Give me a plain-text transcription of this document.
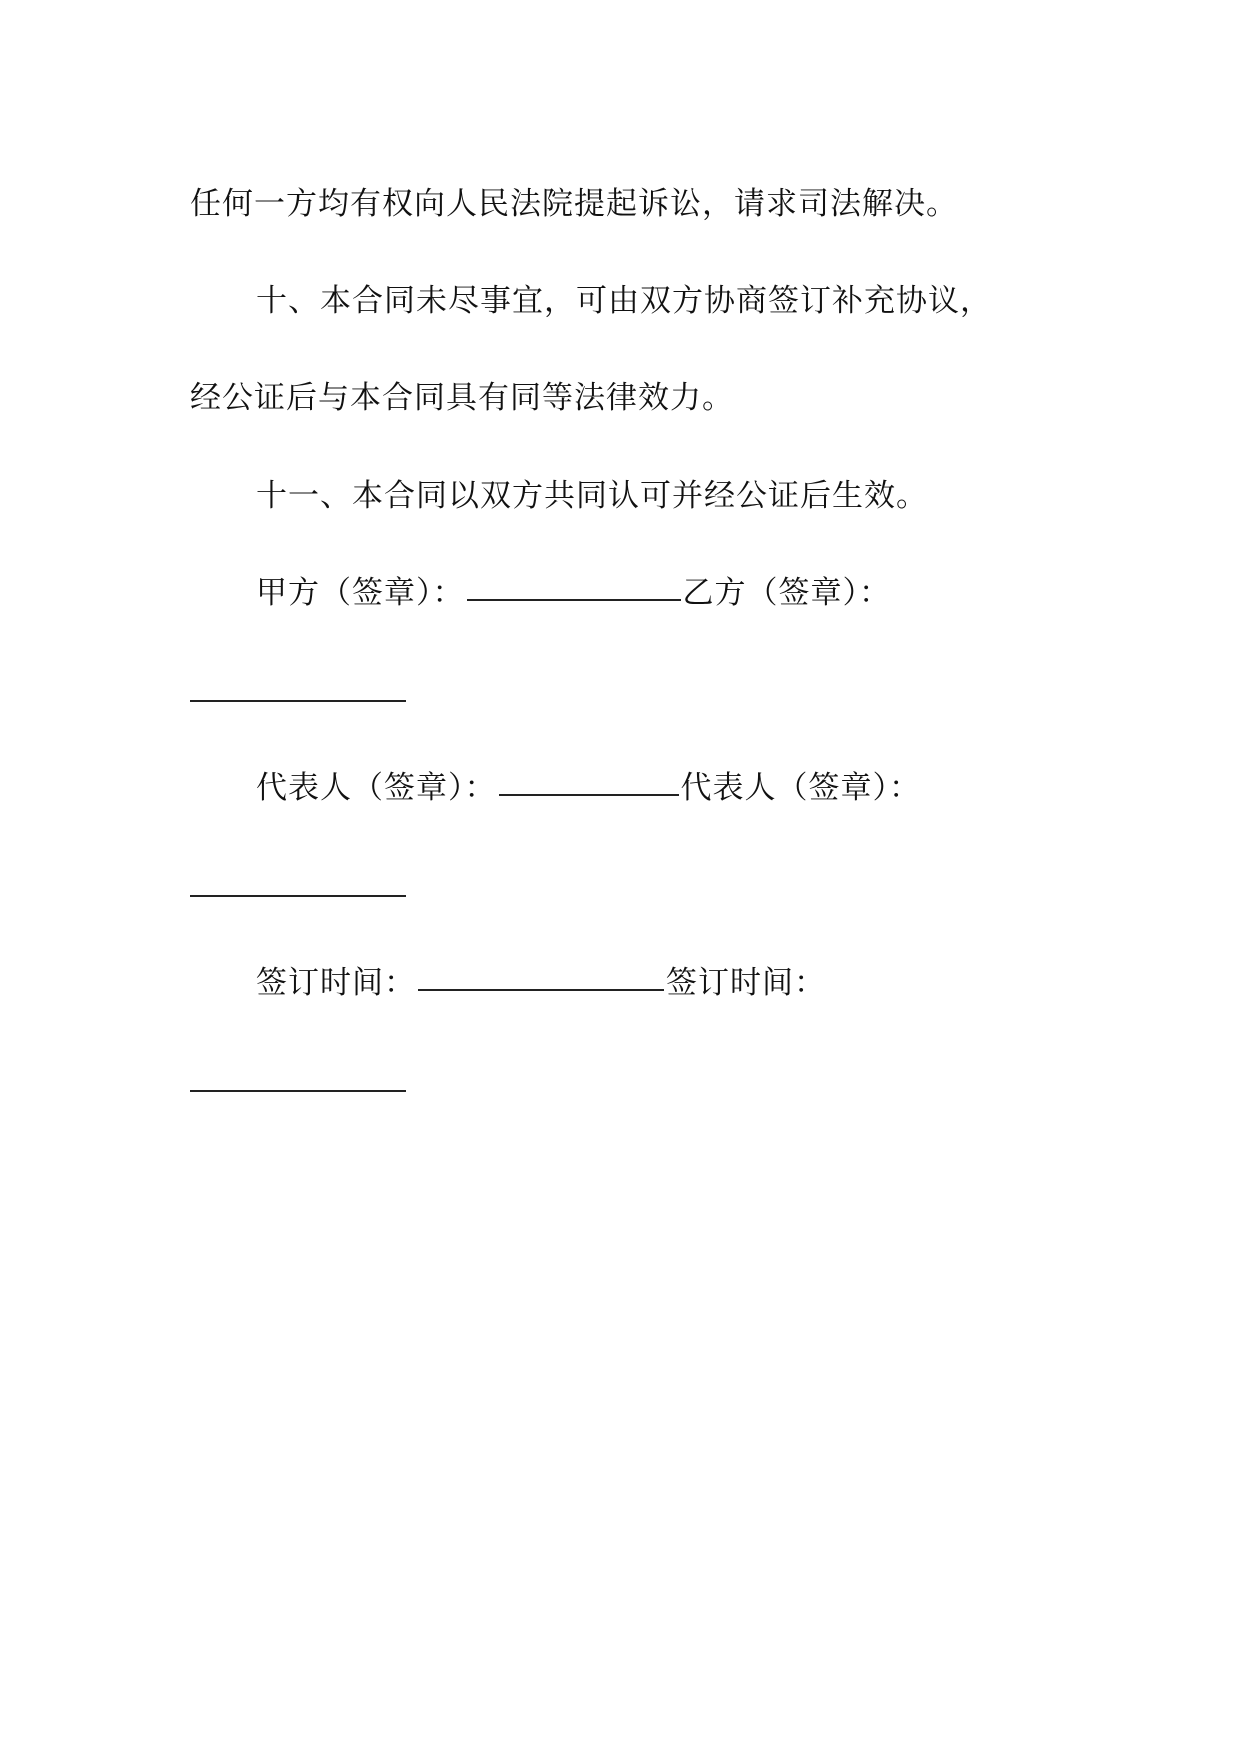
任何一方均有权向人民法院提起诉讼，请求司法解决。
十、本合同未尽事宜，可由双方协商签订补充协议，
经公证后与本合同具有同等法律效力。
十一、本合同以双方共同认可并经公证后生效。
甲方（签章）：	乙方（签章）：
代表人（签章）：	代表人（签章）：
签订时间：	签订时间：
